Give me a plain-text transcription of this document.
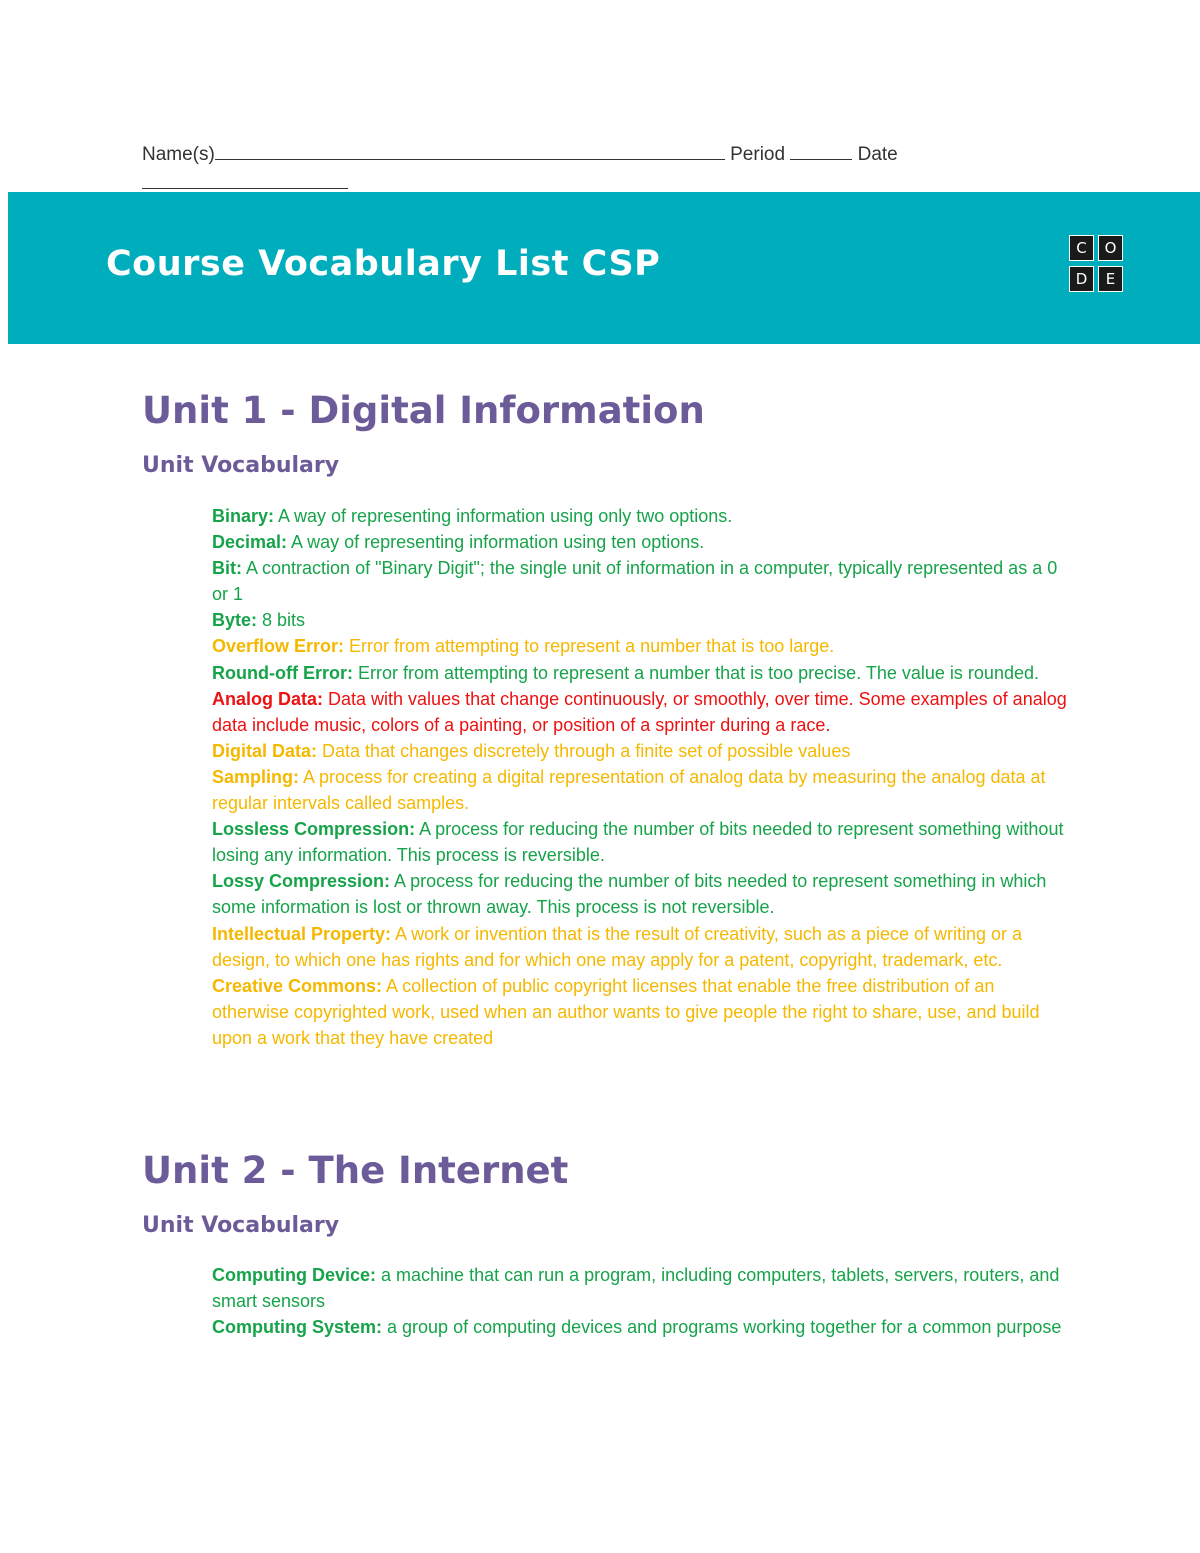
Name(s)	Period	Date
Course Vocabulary List CSP	C	O
D	E
Unit 1 - Digital Information
Unit Vocabulary
Binary: A way of representing information using only two options.
Decimal: A way of representing information using ten options.
Bit: A contraction of "Binary Digit"; the single unit of information in a computer, typically represented as a 0 or 1
Byte: 8 bits
Overflow Error: Error from attempting to represent a number that is too large.
Round-off Error: Error from attempting to represent a number that is too precise. The value is rounded.
Analog Data: Data with values that change continuously, or smoothly, over time. Some examples of analog data include music, colors of a painting, or position of a sprinter during a race.
Digital Data: Data that changes discretely through a finite set of possible values
Sampling: A process for creating a digital representation of analog data by measuring the analog data at regular intervals called samples.
Lossless Compression: A process for reducing the number of bits needed to represent something without losing any information. This process is reversible.
Lossy Compression: A process for reducing the number of bits needed to represent something in which some information is lost or thrown away. This process is not reversible.
Intellectual Property: A work or invention that is the result of creativity, such as a piece of writing or a design, to which one has rights and for which one may apply for a patent, copyright, trademark, etc.
Creative Commons: A collection of public copyright licenses that enable the free distribution of an otherwise copyrighted work, used when an author wants to give people the right to share, use, and build upon a work that they have created
Unit 2 - The Internet
Unit Vocabulary
Computing Device: a machine that can run a program, including computers, tablets, servers, routers, and smart sensors
Computing System: a group of computing devices and programs working together for a common purpose
